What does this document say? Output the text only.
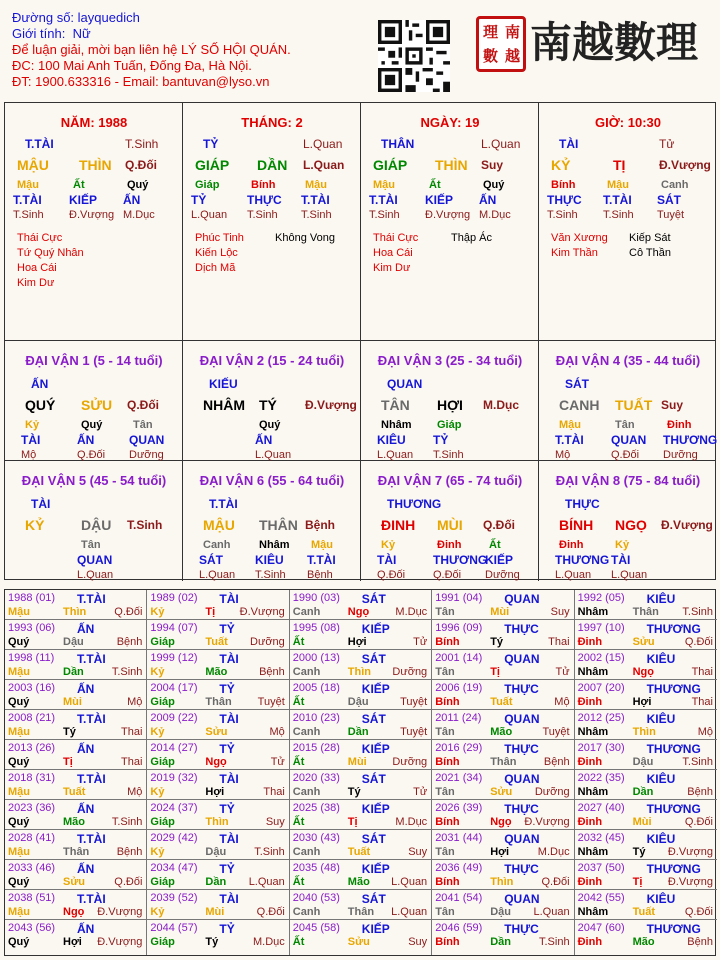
Đường số: layquedich
Giới tính: Nữ
Để luận giải, mời bạn liên hệ LÝ SỐ HỘI QUÁN.
ĐC: 100 Mai Anh Tuấn, Đống Đa, Hà Nội.
ĐT: 1900.633316 - Email: bantuvan@lyso.vn
理 南
數 越 南越數理
NĂM: 1988
T.TÀI	T.Sinh
MẬU THÌN Q.Đối
Mậu
T.TÀI
T.Sinh
Ất
KIẾP
Đ.Vượng
Quý
ẤN
M.Dục
Thái Cực
Tứ Quý Nhân
Hoa Cái
Kim Dư
THÁNG: 2
TỶ	L.Quan
GIÁP DẦN L.Quan
Giáp
TỶ
L.Quan
Bính
THỰC
T.Sinh
Mậu
T.TÀI
T.Sinh
Phúc Tinh
Kiến Lộc
Dịch Mã
Không Vong
NGÀY: 19
THÂN	L.Quan
GIÁP THÌN Suy
Mậu
T.TÀI
T.Sinh
Ất
KIẾP
Đ.Vượng
Quý
ẤN
M.Dục
Thái Cực
Hoa Cái
Kim Dư
Thập Ác
GIỜ: 10:30
TÀI	Tử
KỶ	TỊ	Đ.Vượng
Bính
THỰC
T.Sinh
Mậu
T.TÀI
T.Sinh
Canh
SÁT
Tuyệt
Văn Xương
Kim Thần
Kiếp Sát
Cô Thần
ĐẠI VẬN 1 (5 - 14 tuổi)
ẤN
QUÝ SỬU Q.Đối
Kỷ
TÀI
Mộ
Quý
ẤN
Q.Đối
Tân
QUAN
Dưỡng
ĐẠI VẬN 2 (15 - 24 tuổi)
KIẾU
NHÂM TÝ Đ.Vượng
Quý
ẤN
L.Quan
ĐẠI VẬN 3 (25 - 34 tuổi)
QUAN
TÂN HỢI M.Dục
Nhâm
KIÊU
L.Quan
Giáp
TỶ
T.Sinh
ĐẠI VẬN 4 (35 - 44 tuổi)
SÁT
CANH TUẤT Suy
Mậu
T.TÀI
Mộ
Tân
QUAN
Q.Đối
Đinh
THƯƠNG
Dưỡng
ĐẠI VẬN 5 (45 - 54 tuổi)
TÀI
KỶ	DẬU T.Sinh
Tân
QUAN
L.Quan
ĐẠI VẬN 6 (55 - 64 tuổi)
T.TÀI
MẬU THÂN Bệnh
Canh
SÁT
L.Quan
Nhâm
KIÊU
T.Sinh
Mậu
T.TÀI
Bệnh
ĐẠI VẬN 7 (65 - 74 tuổi)
THƯƠNG
ĐINH MÙI Q.Đối
Kỷ
TÀI
Q.Đối
Đinh
THƯƠNG
Q.Đối
Ất
KIẾP
Dưỡng
ĐẠI VẬN 8 (75 - 84 tuổi)
THỰC
BÍNH NGỌ Đ.Vượng
Đinh
THƯƠNG
L.Quan
Kỷ
TÀI
L.Quan
1988 (01) T.TÀI
Mậu	Thìn	Q.Đối
1989 (02) TÀI
Kỷ	Tị Đ.Vượng
1990 (03) SÁT
Canh	Ngọ M.Dục
1991 (04) QUAN
Tân	Mùi	Suy
1992 (05) KIÊU
Nhâm Thân T.Sinh
1993 (06) ẤN
Quý	Dậu	Bệnh
1994 (07) TỶ
Giáp	Tuất Dưỡng
1995 (08) KIẾP
Ất	Hợi	Tử
1996 (09) THỰC
Bính	Tý	Thai
1997 (10) THƯƠNG
Đinh	Sửu	Q.Đối
1998 (11) T.TÀI
Mậu	Dần	T.Sinh
1999 (12) TÀI
Kỷ	Mão	Bệnh
2000 (13) SÁT
Canh	Thìn Dưỡng
2001 (14) QUAN
Tân	Tị	Tử
2002 (15) KIÊU
Nhâm Ngọ	Thai
2003 (16) ẤN
Quý	Mùi	Mộ
2004 (17) TỶ
Giáp	Thân Tuyệt
2005 (18) KIẾP
Ất	Dậu	Tuyệt
2006 (19) THỰC
Bính	Tuất	Mộ
2007 (20) THƯƠNG
Đinh	Hợi	Thai
2008 (21) T.TÀI
Mậu	Tý	Thai
2009 (22) TÀI
Kỷ	Sửu	Mộ
2010 (23) SÁT
Canh	Dần	Tuyệt
2011 (24) QUAN
Tân	Mão	Tuyệt
2012 (25) KIÊU
Nhâm Thìn	Mộ
2013 (26) ẤN
Quý	Tị	Thai
2014 (27) TỶ
Giáp	Ngọ	Tử
2015 (28) KIẾP
Ất	Mùi Dưỡng
2016 (29) THỰC
Bính	Thân Bệnh
2017 (30) THƯƠNG
Đinh	Dậu	T.Sinh
2018 (31) T.TÀI
Mậu	Tuất	Mộ
2019 (32) TÀI
Kỷ	Hợi	Thai
2020 (33) SÁT
Canh	Tý	Tử
2021 (34) QUAN
Tân	Sửu Dưỡng
2022 (35) KIÊU
Nhâm Dần	Bệnh
2023 (36) ẤN
Quý	Mão T.Sinh
2024 (37) TỶ
Giáp	Thìn	Suy
2025 (38) KIẾP
Ất	Tị	M.Dục
2026 (39) THỰC
Bính	Ngọ Đ.Vượng
2027 (40) THƯƠNG
Đinh	Mùi	Q.Đối
2028 (41) T.TÀI
Mậu	Thân Bệnh
2029 (42) TÀI
Kỷ	Dậu	T.Sinh
2030 (43) SÁT
Canh	Tuất	Suy
2031 (44) QUAN
Tân	Hợi	M.Dục
2032 (45) KIÊU
Nhâm Tý Đ.Vượng
2033 (46) ẤN
Quý	Sửu	Q.Đối
2034 (47) TỶ
Giáp	Dần L.Quan
2035 (48) KIẾP
Ất	Mão L.Quan
2036 (49) THỰC
Bính	Thìn	Q.Đối
2037 (50) THƯƠNG
Đinh	Tị Đ.Vượng
2038 (51) T.TÀI
Mậu	Ngọ Đ.Vượng
2039 (52) TÀI
Kỷ	Mùi	Q.Đối
2040 (53) SÁT
Canh	Thân L.Quan
2041 (54) QUAN
Tân	Dậu L.Quan
2042 (55) KIÊU
Nhâm Tuất	Q.Đối
2043 (56) ẤN
Quý	Hợi Đ.Vượng
2044 (57) TỶ
Giáp	Tý	M.Dục
2045 (58) KIẾP
Ất	Sửu	Suy
2046 (59) THỰC
Bính	Dần	T.Sinh
2047 (60) THƯƠNG
Đinh	Mão	Bệnh
